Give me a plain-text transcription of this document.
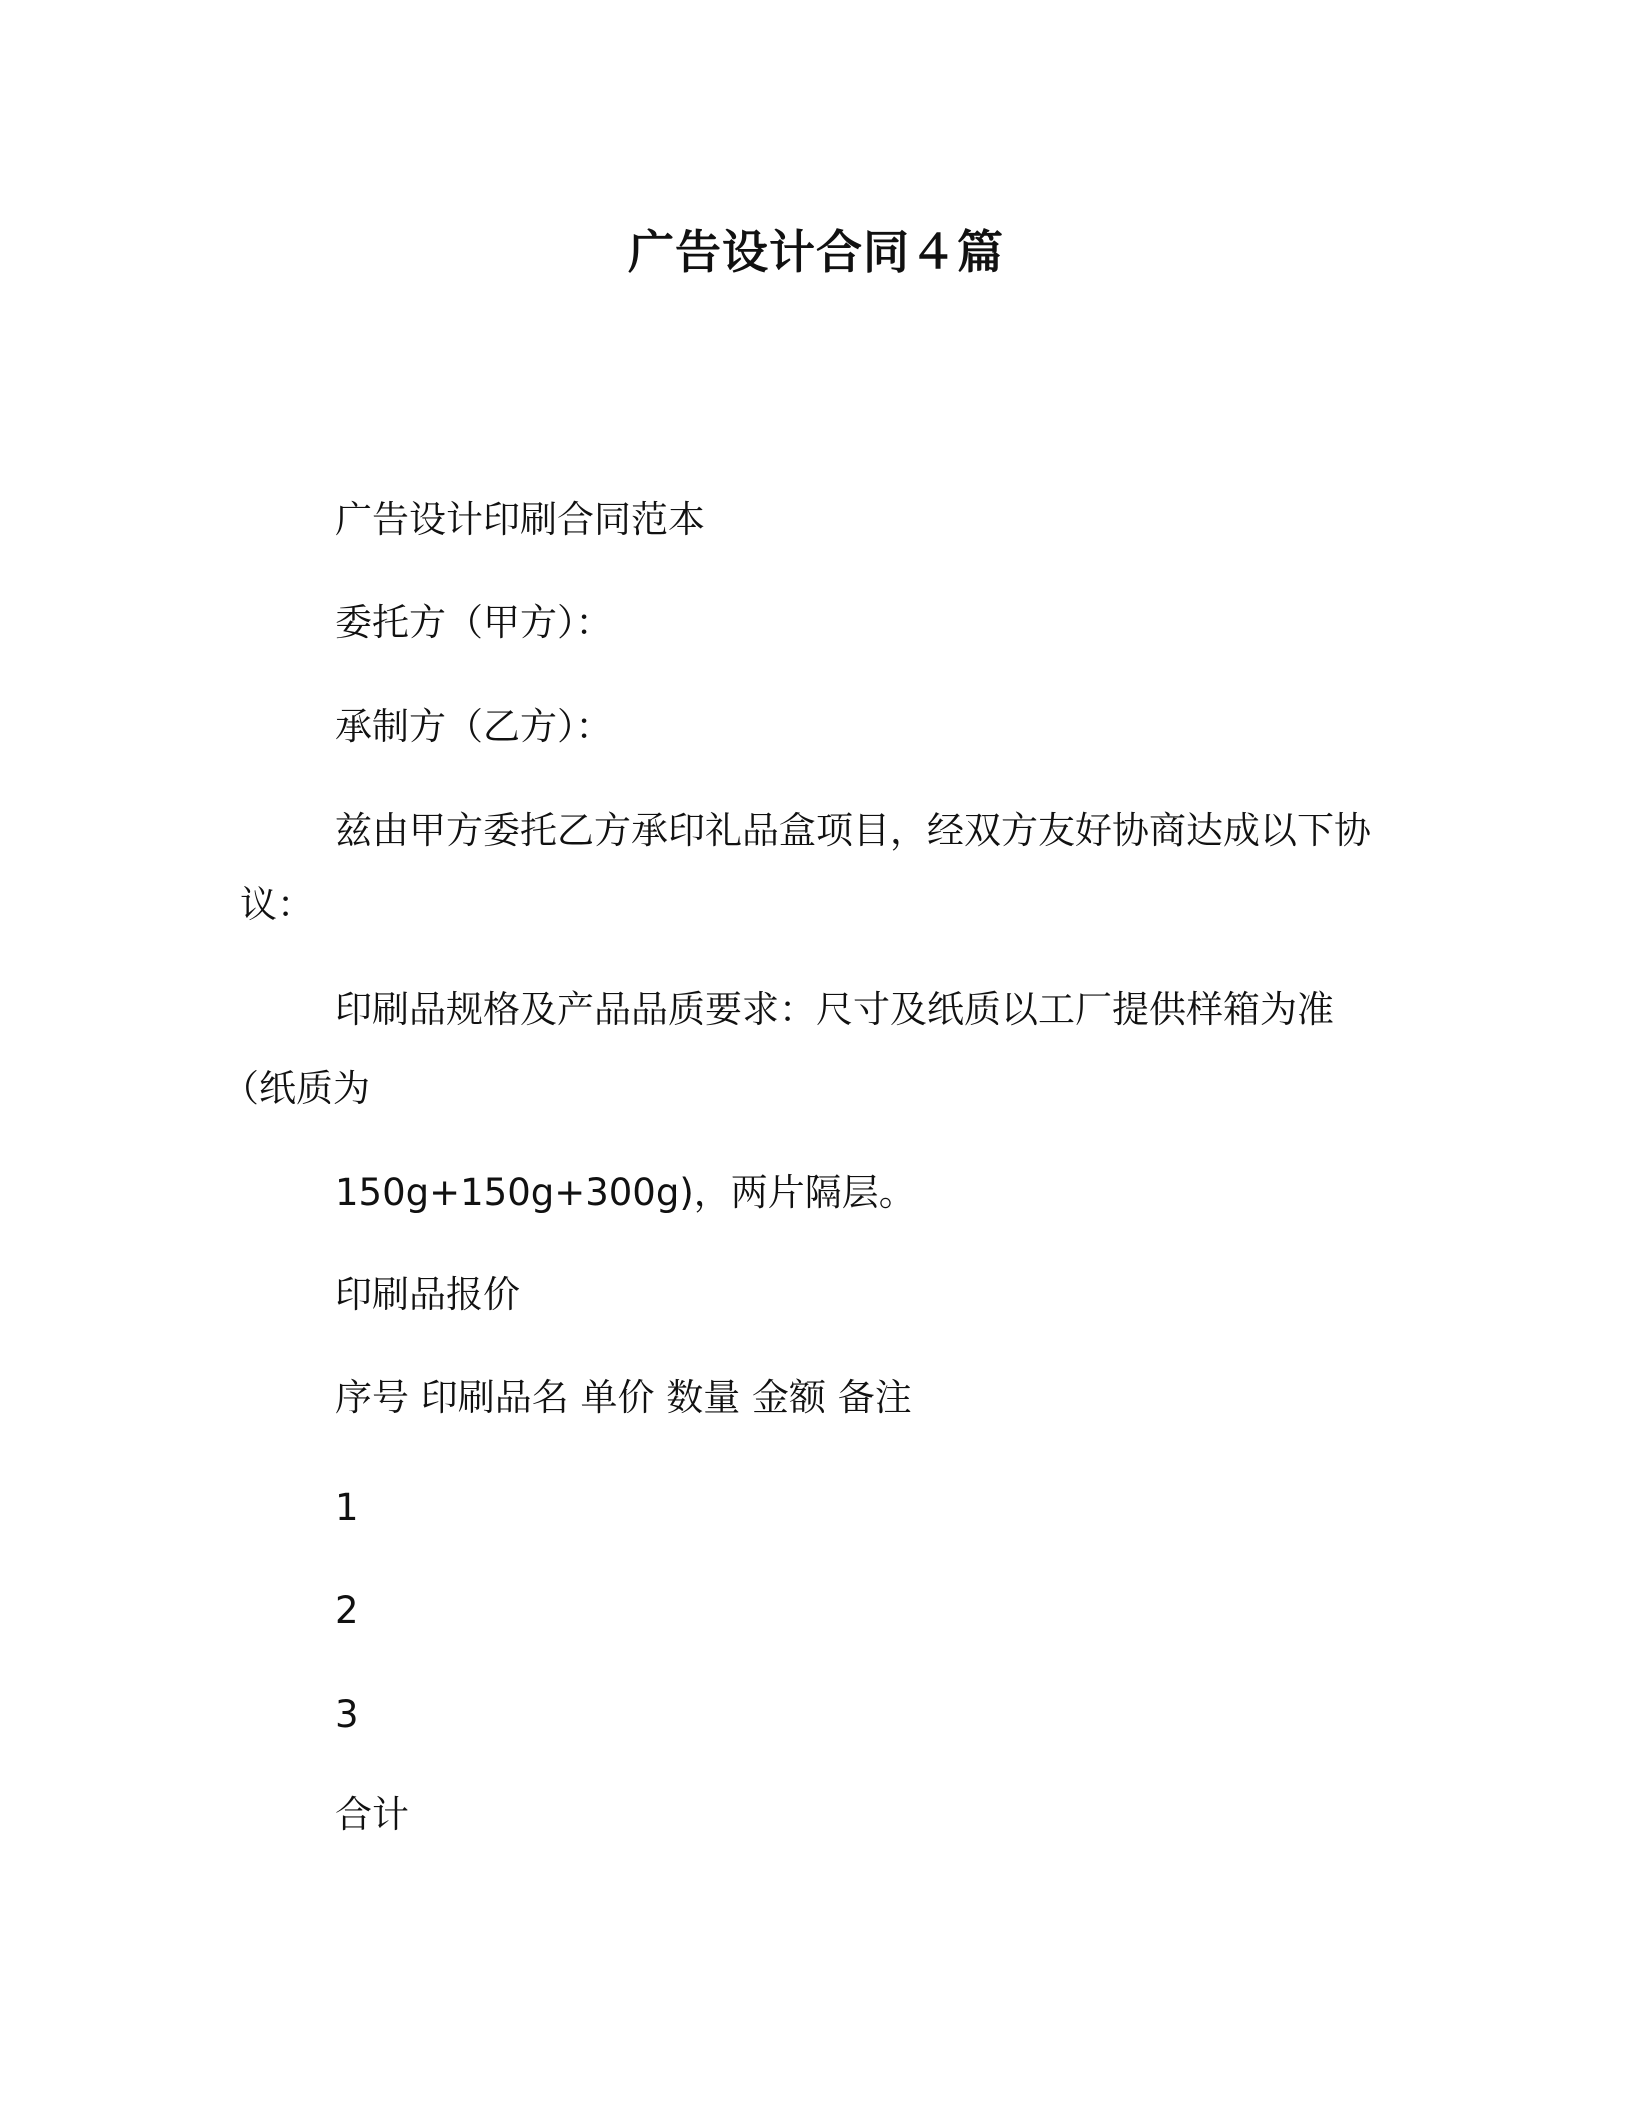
广告设计合同４篇
广告设计印刷合同范本
委托方（甲方）：
承制方（乙方）：
兹由甲方委托乙方承印礼品盒项目，经双方友好协商达成以下协
议：
印刷品规格及产品品质要求：尺寸及纸质以工厂提供样箱为准
（纸质为
150g+150g+300g)，两片隔层。
印刷品报价
序号 印刷品名 单价 数量 金额 备注
1
2
3
合计
